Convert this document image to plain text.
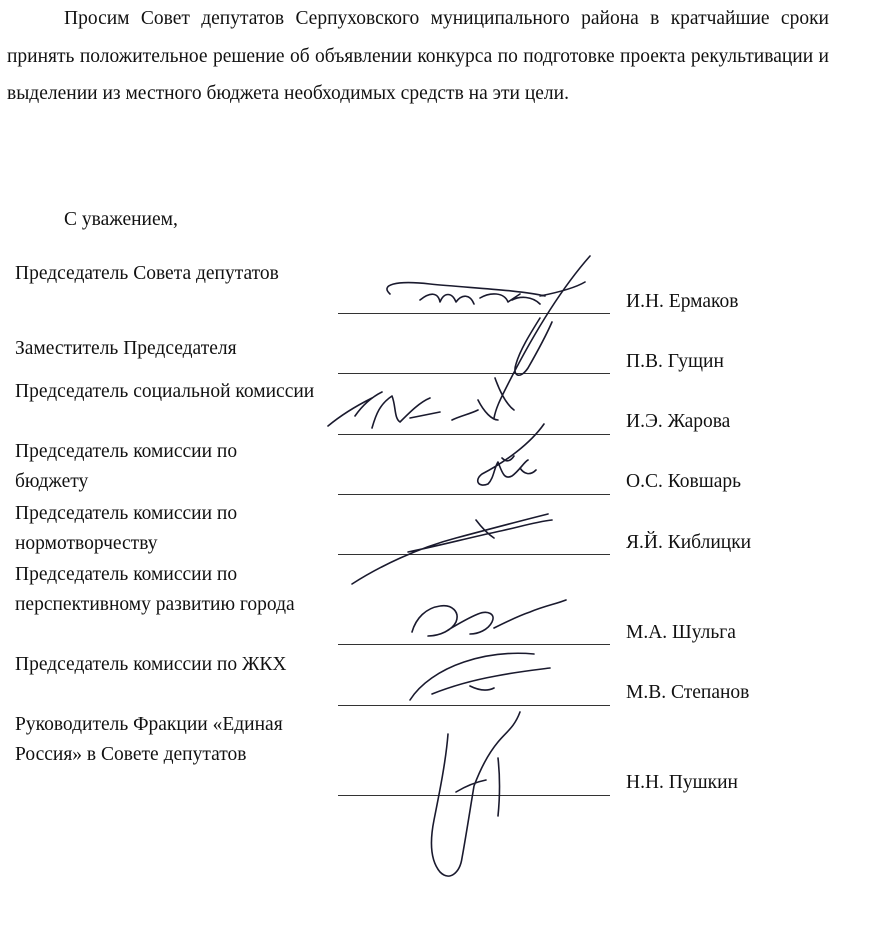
Просим Совет депутатов Серпуховского муниципального района в кратчайшие сроки принять положительное решение об объявлении конкурса по подготовке проекта рекультивации и выделении из местного бюджета необходимых средств на эти цели.

С уважением,
Председатель Совета депутатов
И.Н. Ермаков
Заместитель Председателя
П.В. Гущин
Председатель социальной комиссии
И.Э. Жарова
Председатель комиссии по бюджету	О.С. Ковшарь
Председатель комиссии по нормотворчеству	Я.Й. Киблицки
Председатель комиссии по перспективному развитию города
М.А. Шульга
Председатель комиссии по ЖКХ
М.В. Степанов
Руководитель Фракции «Единая Россия» в Совете депутатов
Н.Н. Пушкин
